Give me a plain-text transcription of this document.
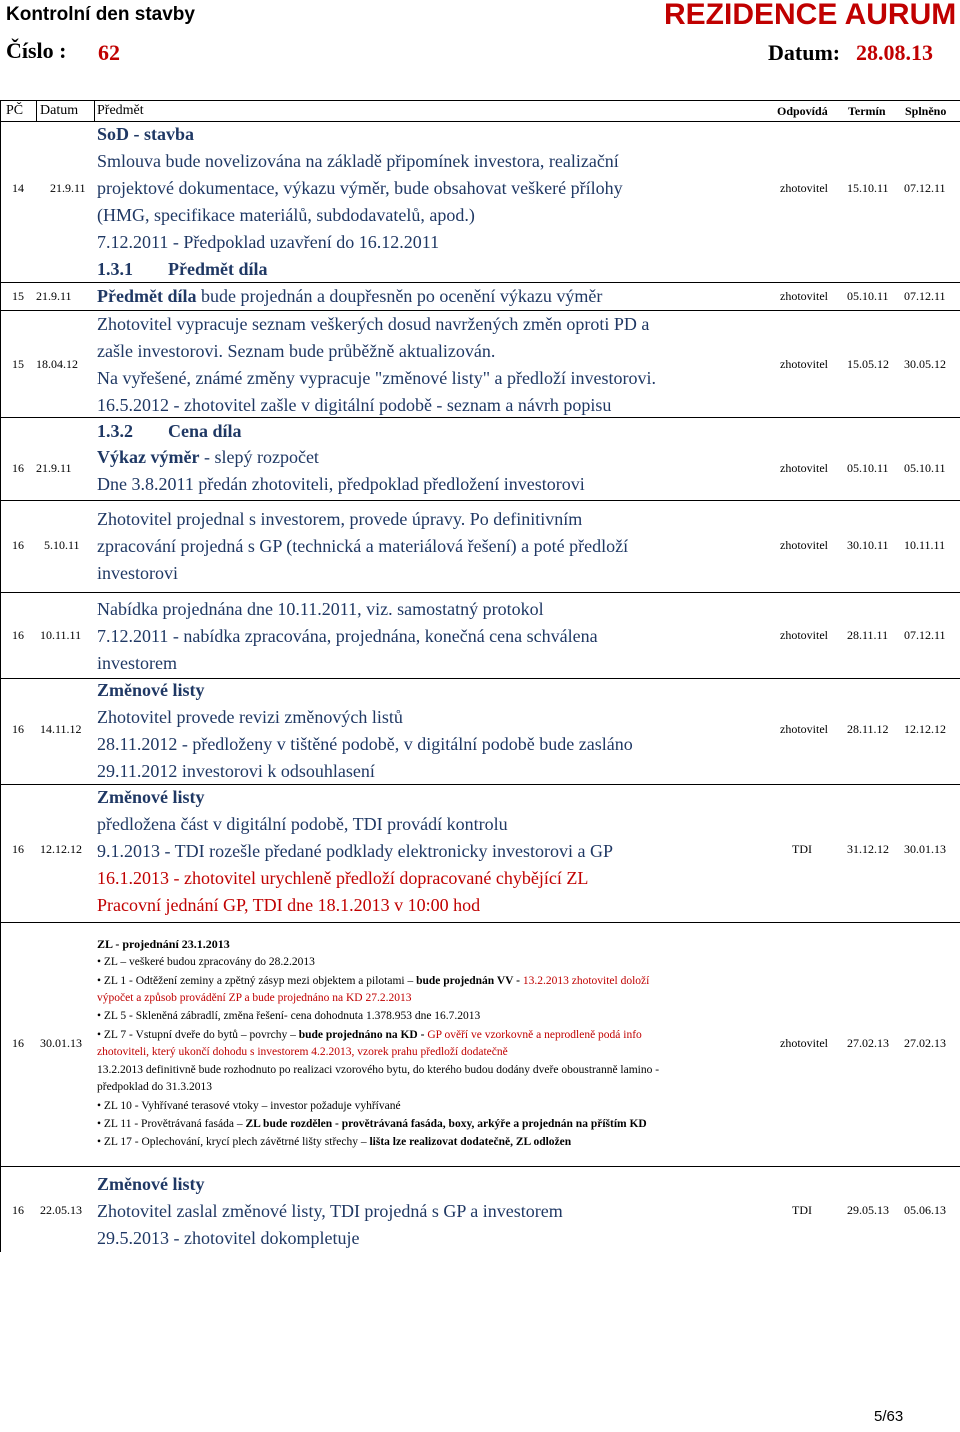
Kontrolní den stavby	REZIDENCE AURUM
Číslo : 62	Datum: 28.08.13
PČ Datum Předmět	Odpovídá Termín Splněno
14 21.9.11
SoD - stavba
Smlouva bude novelizována na základě připomínek investora, realizační
projektové dokumentace, výkazu výměr, bude obsahovat veškeré přílohy
(HMG, specifikace materiálů, subdodavatelů, apod.)
7.12.2011 - Předpoklad uzavření do 16.12.2011
zhotovitel 15.10.11 07.12.11
1.3.1 Předmět díla
15 21.9.11 Předmět díla bude projednán a doupřesněn po ocenění výkazu výměr	zhotovitel 05.10.11 07.12.11
15 18.04.12
Zhotovitel vypracuje seznam veškerých dosud navržených změn oproti PD a
zašle investorovi. Seznam bude průběžně aktualizován.
Na vyřešené, známé změny vypracuje "změnové listy" a předloží investorovi.
16.5.2012 - zhotovitel zašle v digitální podobě - seznam a návrh popisu
zhotovitel 15.05.12 30.05.12
1.3.2 Cena díla
16 21.9.11
Výkaz výměr - slepý rozpočet
Dne 3.8.2011 předán zhotoviteli, předpoklad předložení investorovi
zhotovitel 05.10.11 05.10.11
16 5.10.11
Zhotovitel projednal s investorem, provede úpravy. Po definitivním
zpracování projedná s GP (technická a materiálová řešení) a poté předloží
investorovi
zhotovitel 30.10.11 10.11.11
16 10.11.11
Nabídka projednána dne 10.11.2011, viz. samostatný protokol
7.12.2011 - nabídka zpracována, projednána, konečná cena schválena
investorem
zhotovitel 28.11.11 07.12.11
16 14.11.12
Změnové listy
Zhotovitel provede revizi změnových listů
28.11.2012 - předloženy v tištěné podobě, v digitální podobě bude zasláno
29.11.2012 investorovi k odsouhlasení
zhotovitel 28.11.12 12.12.12
16 12.12.12
Změnové listy
předložena část v digitální podobě, TDI provádí kontrolu
9.1.2013 - TDI rozešle předané podklady elektronicky investorovi a GP
16.1.2013 - zhotovitel urychleně předloží dopracované chybějící ZL
Pracovní jednání GP, TDI dne 18.1.2013 v 10:00 hod
TDI	31.12.12 30.01.13
16 30.01.13
ZL - projednání 23.1.2013
• ZL – veškeré budou zpracovány do 28.2.2013
• ZL 1 - Odtěžení zeminy a zpětný zásyp mezi objektem a pilotami – bude projednán VV - 13.2.2013 zhotovitel doloží
výpočet a způsob provádění ZP a bude projednáno na KD 27.2.2013
• ZL 5 - Skleněná zábradlí, změna řešení- cena dohodnuta 1.378.953 dne 16.7.2013
• ZL 7 - Vstupní dveře do bytů – povrchy – bude projednáno na KD - GP ověří ve vzorkovně a neprodleně podá info
zhotoviteli, který ukončí dohodu s investorem 4.2.2013, vzorek prahu předloží dodatečně
13.2.2013 definitivně bude rozhodnuto po realizaci vzorového bytu, do kterého budou dodány dveře oboustranně lamino -
předpoklad do 31.3.2013
• ZL 10 - Vyhřívané terasové vtoky – investor požaduje vyhřívané
• ZL 11 - Provětrávaná fasáda – ZL bude rozdělen - provětrávaná fasáda, boxy, arkýře a projednán na příštím KD
• ZL 17 - Oplechování, krycí plech závětrné lišty střechy – lišta lze realizovat dodatečně, ZL odložen
zhotovitel 27.02.13 27.02.13
16 22.05.13
Změnové listy
Zhotovitel zaslal změnové listy, TDI projedná s GP a investorem
29.5.2013 - zhotovitel dokompletuje
TDI	29.05.13 05.06.13
5/63
